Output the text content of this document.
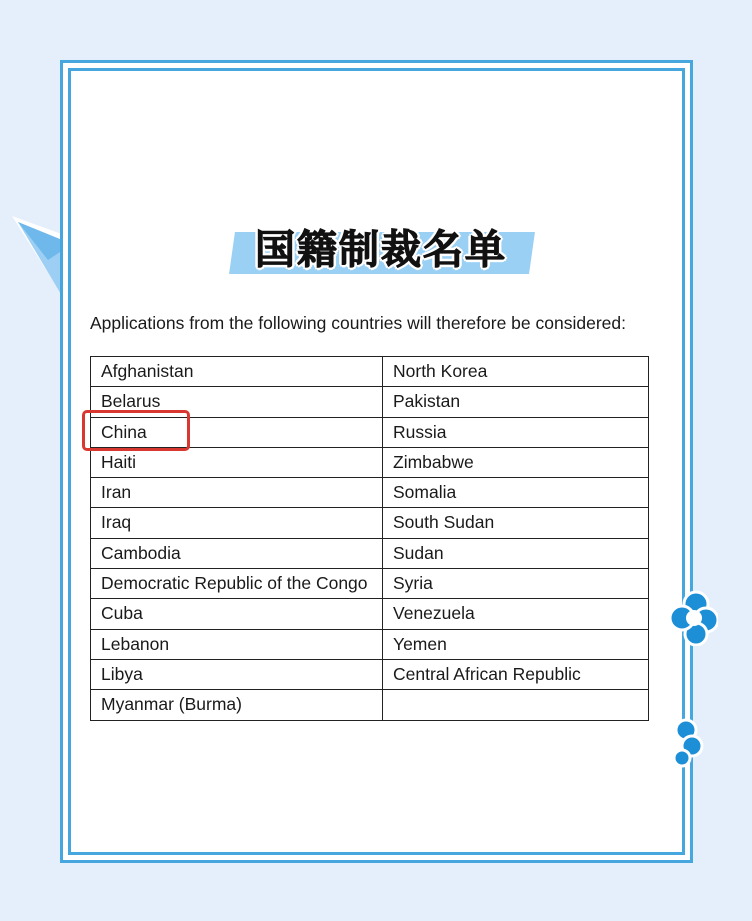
国籍制裁名单
Applications from the following countries will therefore be considered:
Afghanistan	North Korea
Belarus	Pakistan
China	Russia
Haiti	Zimbabwe
Iran	Somalia
Iraq	South Sudan
Cambodia	Sudan
Democratic Republic of the Congo	Syria
Cuba	Venezuela
Lebanon	Yemen
Libya	Central African Republic
Myanmar (Burma)	
